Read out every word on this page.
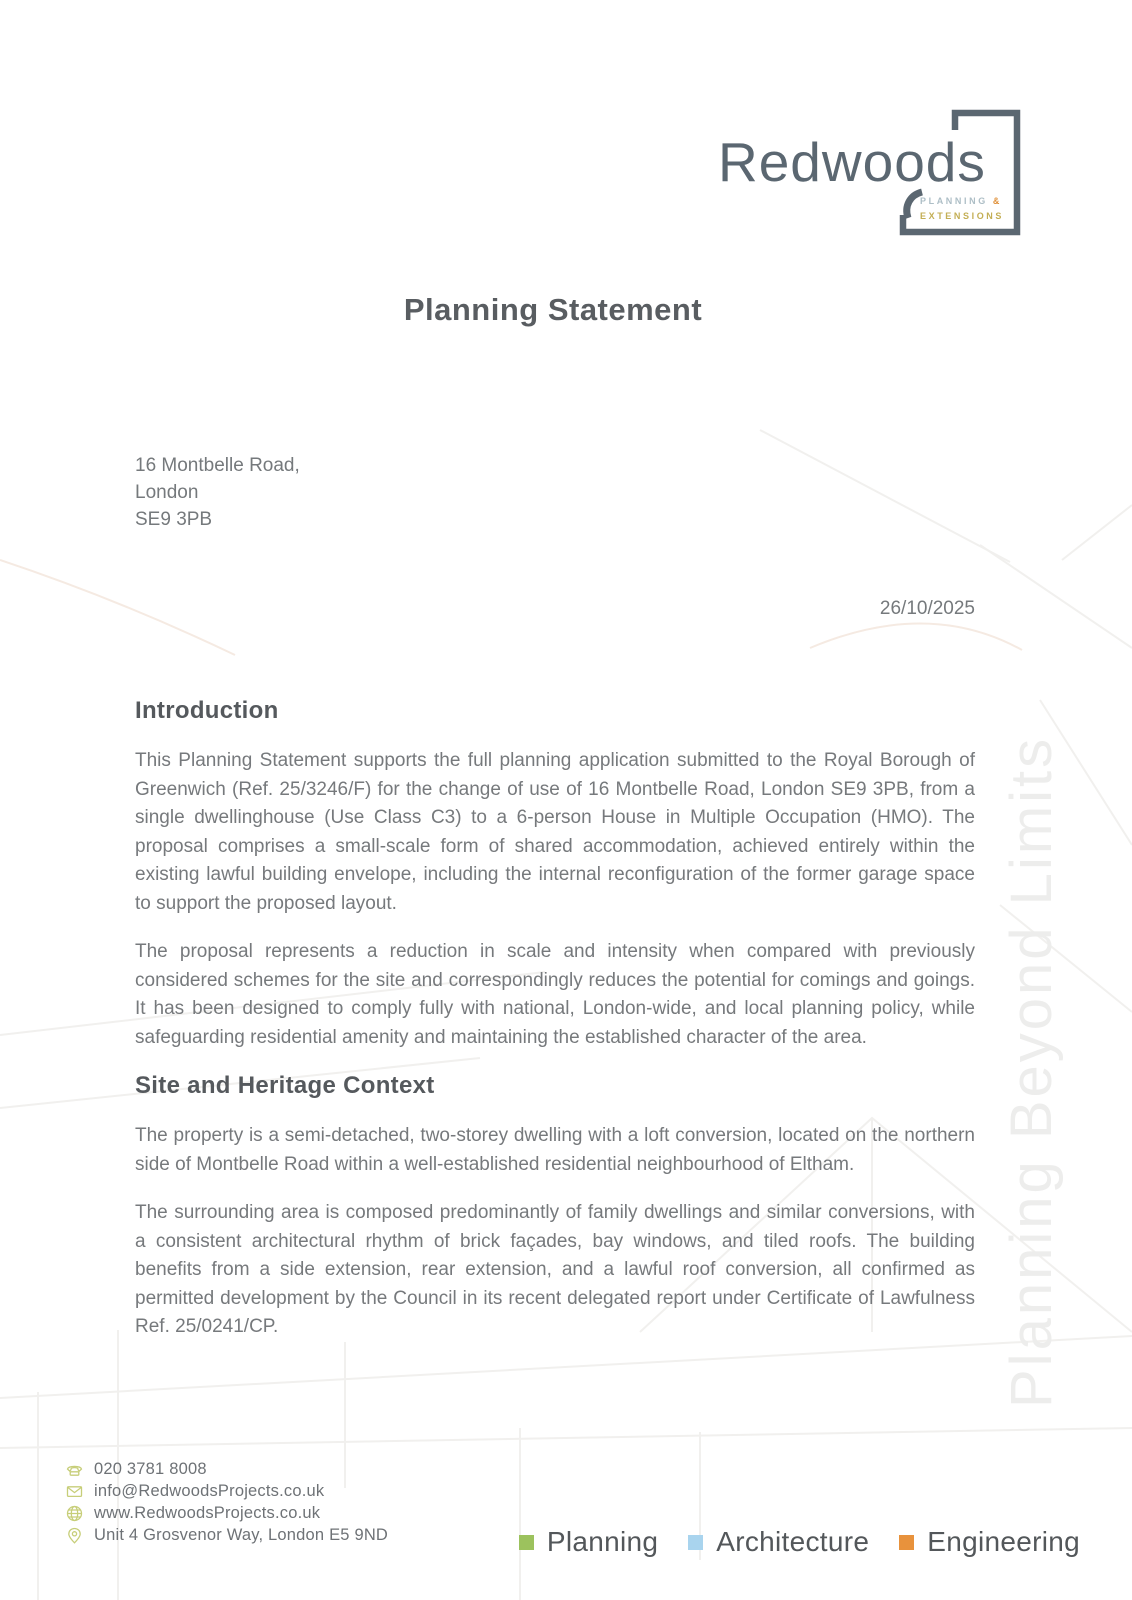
Planning Beyond Limits
Redwoods
PLANNING &
EXTENSIONS
Planning Statement
16 Montbelle Road,
London
SE9 3PB
26/10/2025
Introduction

This Planning Statement supports the full planning application submitted to the Royal Borough of Greenwich (Ref. 25/3246/F) for the change of use of 16 Montbelle Road, London SE9 3PB, from a single dwellinghouse (Use Class C3) to a 6-person House in Multiple Occupation (HMO). The proposal comprises a small-scale form of shared accommodation, achieved entirely within the existing lawful building envelope, including the internal reconfiguration of the former garage space to support the proposed layout.

The proposal represents a reduction in scale and intensity when compared with previously considered schemes for the site and correspondingly reduces the potential for comings and goings. It has been designed to comply fully with national, London-wide, and local planning policy, while safeguarding residential amenity and maintaining the established character of the area.

Site and Heritage Context

The property is a semi-detached, two-storey dwelling with a loft conversion, located on the northern side of Montbelle Road within a well-established residential neighbourhood of Eltham.

The surrounding area is composed predominantly of family dwellings and similar conversions, with a consistent architectural rhythm of brick façades, bay windows, and tiled roofs. The building benefits from a side extension, rear extension, and a lawful roof conversion, all confirmed as permitted development by the Council in its recent delegated report under Certificate of Lawfulness Ref. 25/0241/CP.

020 3781 8008
info@RedwoodsProjects.co.uk
www.RedwoodsProjects.co.uk
Unit 4 Grosvenor Way, London E5 9ND	Planning Architecture Engineering
